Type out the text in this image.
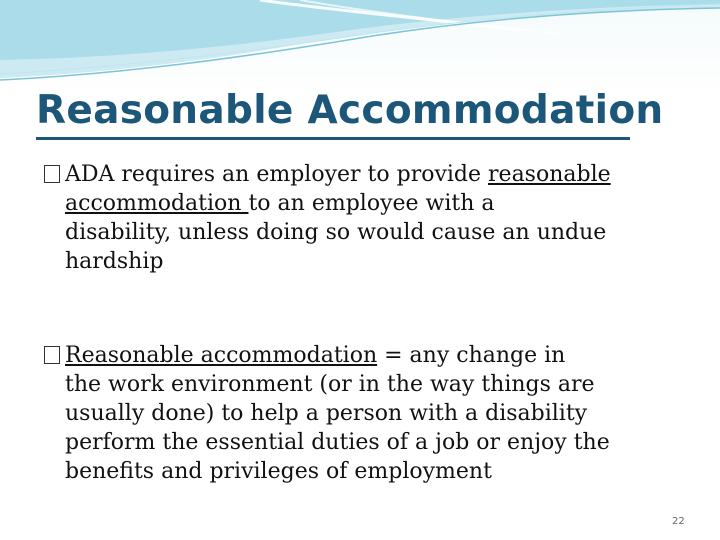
Reasonable Accommodation
ADA requires an employer to provide reasonable
accommodation to an employee with a
disability, unless doing so would cause an undue
hardship
Reasonable accommodation = any change in
the work environment (or in the way things are
usually done) to help a person with a disability
perform the essential duties of a job or enjoy the
benefits and privileges of employment
22
